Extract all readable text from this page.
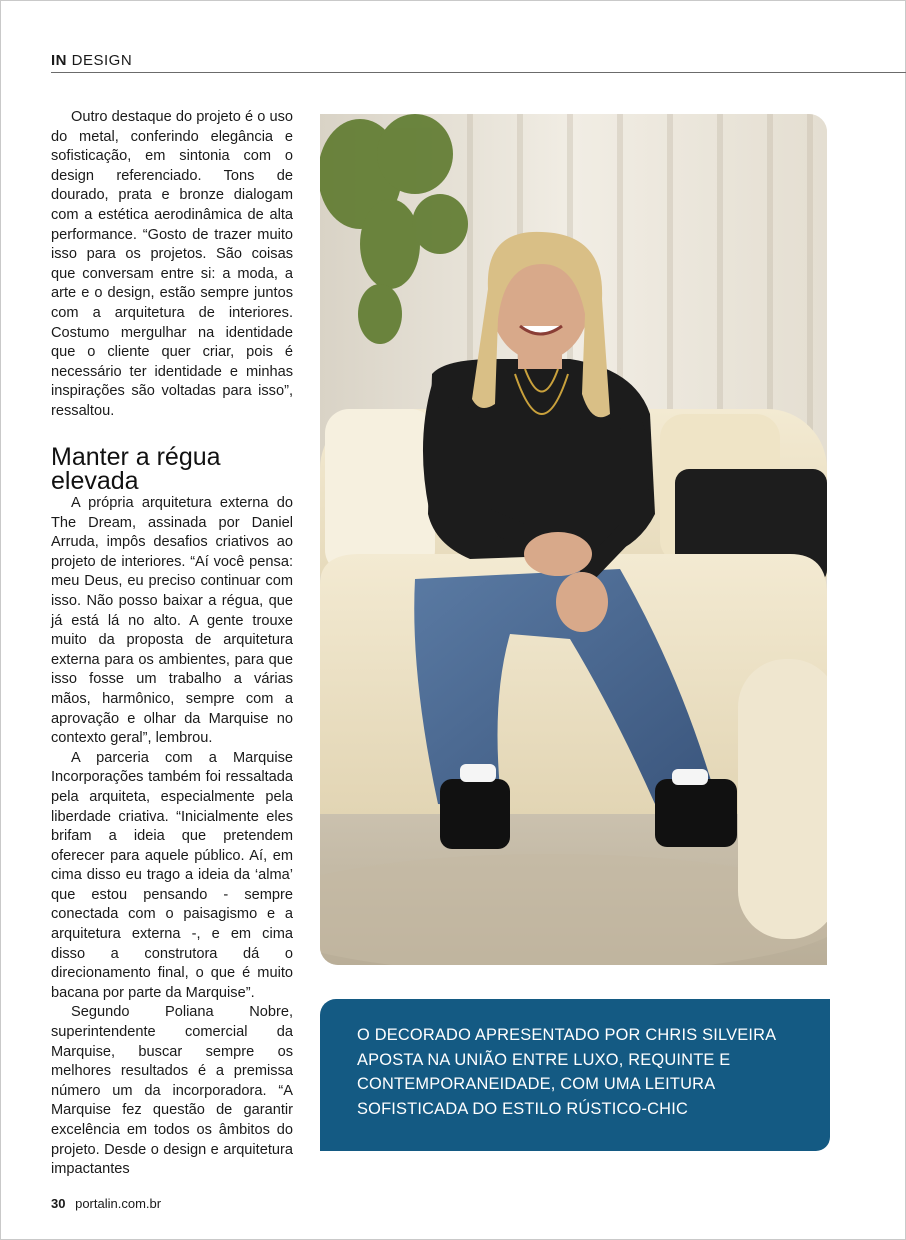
IN DESIGN

Outro destaque do projeto é o uso do metal, conferindo elegância e sofisticação, em sintonia com o design referenciado. Tons de dourado, prata e bronze dialogam com a estética aerodinâmica de alta performance. “Gosto de trazer muito isso para os projetos. São coisas que conversam entre si: a moda, a arte e o design, estão sempre juntos com a arquitetura de interiores. Costumo mergulhar na identidade que o cliente quer criar, pois é necessário ter identidade e minhas inspirações são voltadas para isso”, ressaltou.

Manter a régua elevada

A própria arquitetura externa do The Dream, assinada por Daniel Arruda, impôs desafios criativos ao projeto de interiores. “Aí você pensa: meu Deus, eu preciso continuar com isso. Não posso baixar a régua, que já está lá no alto. A gente trouxe muito da proposta de arquitetura externa para os ambientes, para que isso fosse um trabalho a várias mãos, harmônico, sempre com a aprovação e olhar da Marquise no contexto geral”, lembrou.

A parceria com a Marquise Incorporações também foi ressaltada pela arquiteta, especialmente pela liberdade criativa. “Inicialmente eles brifam a ideia que pretendem oferecer para aquele público. Aí, em cima disso eu trago a ideia da ‘alma’ que estou pensando - sempre conectada com o paisagismo e a arquitetura externa -, e em cima disso a construtora dá o direcionamento final, o que é muito bacana por parte da Marquise”.

Segundo Poliana Nobre, superintendente comercial da Marquise, buscar sempre os melhores resultados é a premissa número um da incorporadora. “A Marquise fez questão de garantir excelência em todos os âmbitos do projeto. Desde o design e arquitetura impactantes

O DECORADO APRESENTADO POR CHRIS SILVEIRA APOSTA NA UNIÃO ENTRE LUXO, REQUINTE E CONTEMPORANEIDADE, COM UMA LEITURA SOFISTICADA DO ESTILO RÚSTICO-CHIC

30 portalin.com.br
